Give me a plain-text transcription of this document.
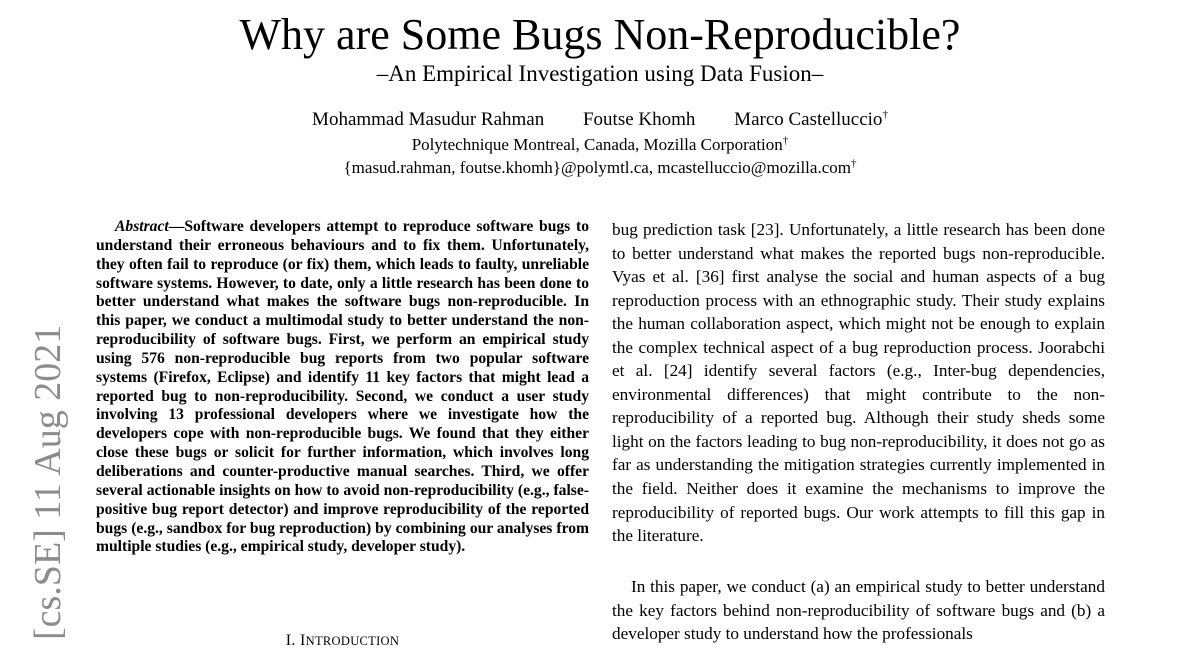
Why are Some Bugs Non-Reproducible?
–An Empirical Investigation using Data Fusion–
Mohammad Masudur Rahman Foutse Khomh Marco Castelluccio†
Polytechnique Montreal, Canada, Mozilla Corporation†
{masud.rahman, foutse.khomh}@polymtl.ca, mcastelluccio@mozilla.com†
[cs.SE] 11 Aug 2021

Abstract—Software developers attempt to reproduce software bugs to understand their erroneous behaviours and to fix them. Unfortunately, they often fail to reproduce (or fix) them, which leads to faulty, unreliable software systems. However, to date, only a little research has been done to better understand what makes the software bugs non-reproducible. In this paper, we conduct a multimodal study to better understand the non-reproducibility of software bugs. First, we perform an empirical study using 576 non-reproducible bug reports from two popular software systems (Firefox, Eclipse) and identify 11 key factors that might lead a reported bug to non-reproducibility. Second, we conduct a user study involving 13 professional developers where we investigate how the developers cope with non-reproducible bugs. We found that they either close these bugs or solicit for further information, which involves long deliberations and counter-productive manual searches. Third, we offer several actionable insights on how to avoid non-reproducibility (e.g., false-positive bug report detector) and improve reproducibility of the reported bugs (e.g., sandbox for bug reproduction) by combining our analyses from multiple studies (e.g., empirical study, developer study).

I. INTRODUCTION

bug prediction task [23]. Unfortunately, a little research has been done to better understand what makes the reported bugs non-reproducible. Vyas et al. [36] first analyse the social and human aspects of a bug reproduction process with an ethnographic study. Their study explains the human collaboration aspect, which might not be enough to explain the complex technical aspect of a bug reproduction process. Joorabchi et al. [24] identify several factors (e.g., Inter-bug dependencies, environmental differences) that might contribute to the non-reproducibility of a reported bug. Although their study sheds some light on the factors leading to bug non-reproducibility, it does not go as far as understanding the mitigation strategies currently implemented in the field. Neither does it examine the mechanisms to improve the reproducibility of reported bugs. Our work attempts to fill this gap in the literature.

In this paper, we conduct (a) an empirical study to better understand the key factors behind non-reproducibility of software bugs and (b) a developer study to understand how the professionals
